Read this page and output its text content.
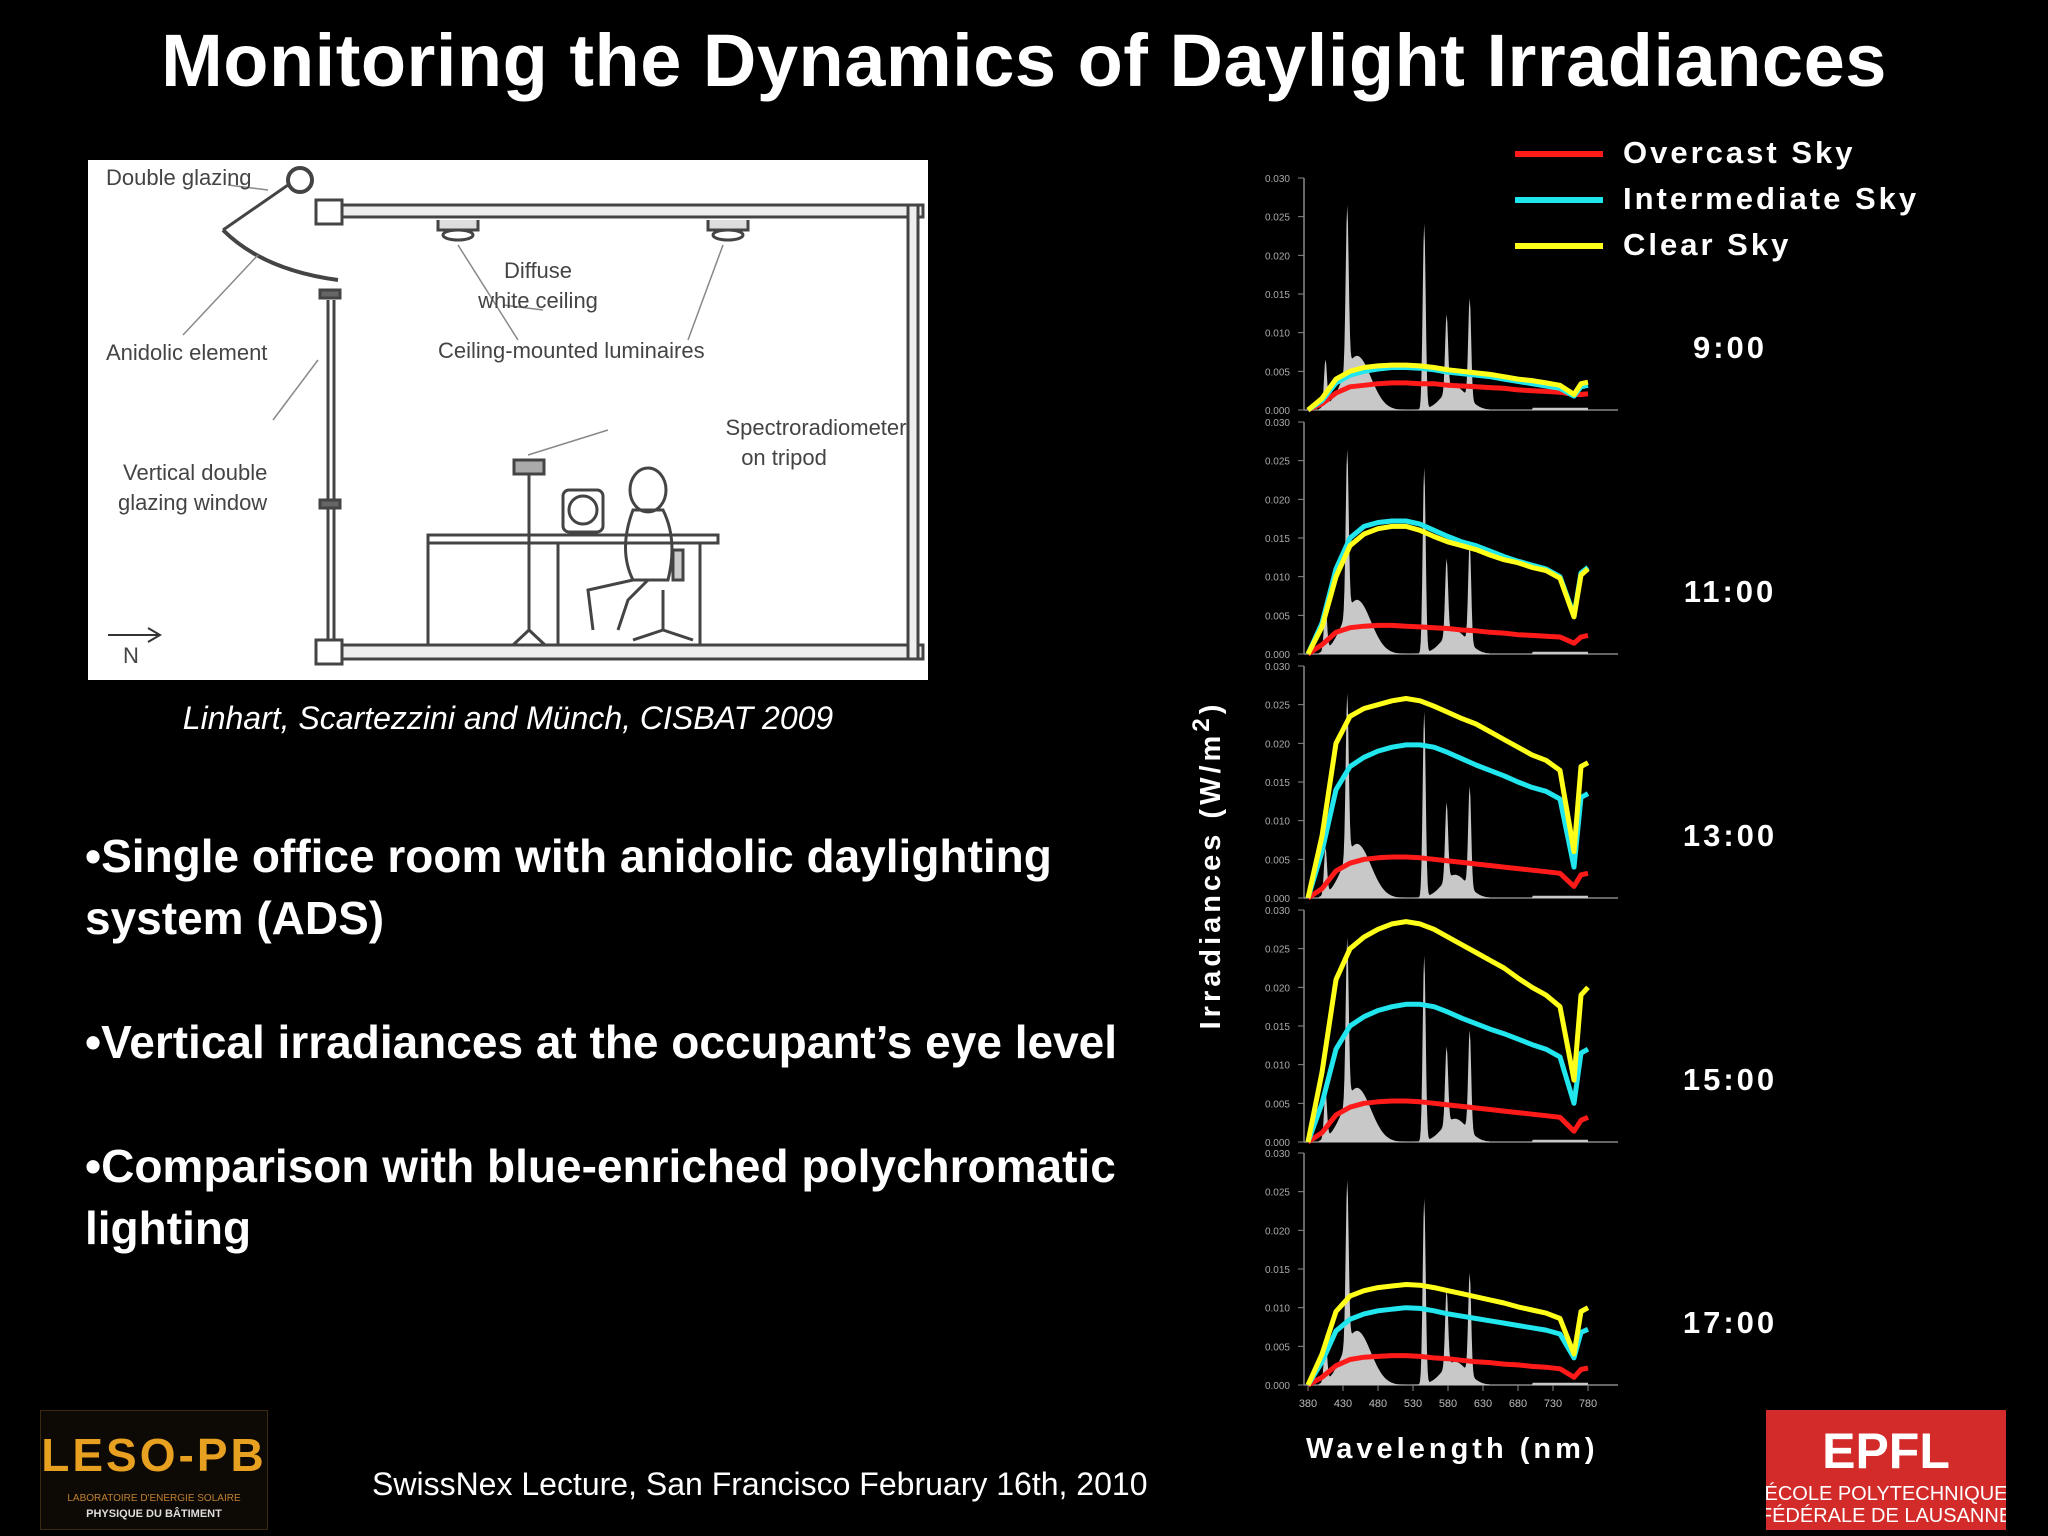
Monitoring the Dynamics of Daylight Irradiances
Double glazing
Diffuse
white ceiling
Anidolic element	Ceiling-mounted luminaires
Spectroradiometer
on tripod
Vertical double
glazing window
N
Linhart, Scartezzini and Münch, CISBAT 2009
•Single office room with anidolic daylighting system (ADS)
•Vertical irradiances at the occupant’s eye level
•Comparison with blue-enriched polychromatic lighting
Overcast Sky
Intermediate Sky
Clear Sky
9:00
11:00
13:00
15:00
17:00
0.000
0.005
0.010
0.015
0.020
0.025
0.030
0.000
0.005
0.010
0.015
0.020
0.025
0.030
0.000
0.005
0.010
0.015
0.020
0.025
0.030
0.000
0.005
0.010
0.015
0.020
0.025
0.030
0.000
0.005
0.010
0.015
0.020
0.025
0.030
380 430 480 530 580 630 680 730 780
Irradiances $(W/m^2)$
Wavelength (nm)
SwissNex Lecture, San Francisco February 16th, 2010
LESO-PB
LABORATOIRE D'ENERGIE SOLAIRE
PHYSIQUE DU BÂTIMENT
EPFL
ÉCOLE POLYTECHNIQUE
FÉDÉRALE DE LAUSANNE
